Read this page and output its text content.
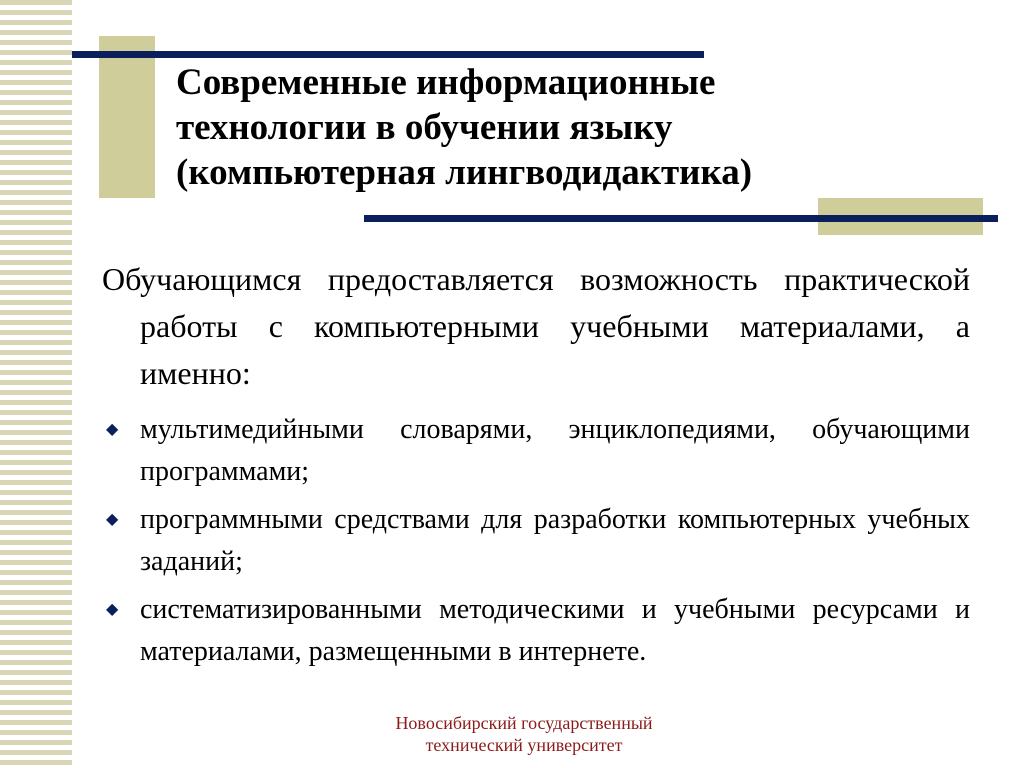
Современные информационные
технологии в обучении языку
(компьютерная лингводидактика)

Обучающимся предоставляется возможность практической работы с компьютерными учебными материалами, а именно:

◆ мультимедийными словарями, энциклопедиями, обучающими программами;
◆ программными средствами для разработки компьютерных учебных заданий;
◆ систематизированными методическими и учебными ресурсами и материалами, размещенными в интернете.
Новосибирский государственный
технический университет
